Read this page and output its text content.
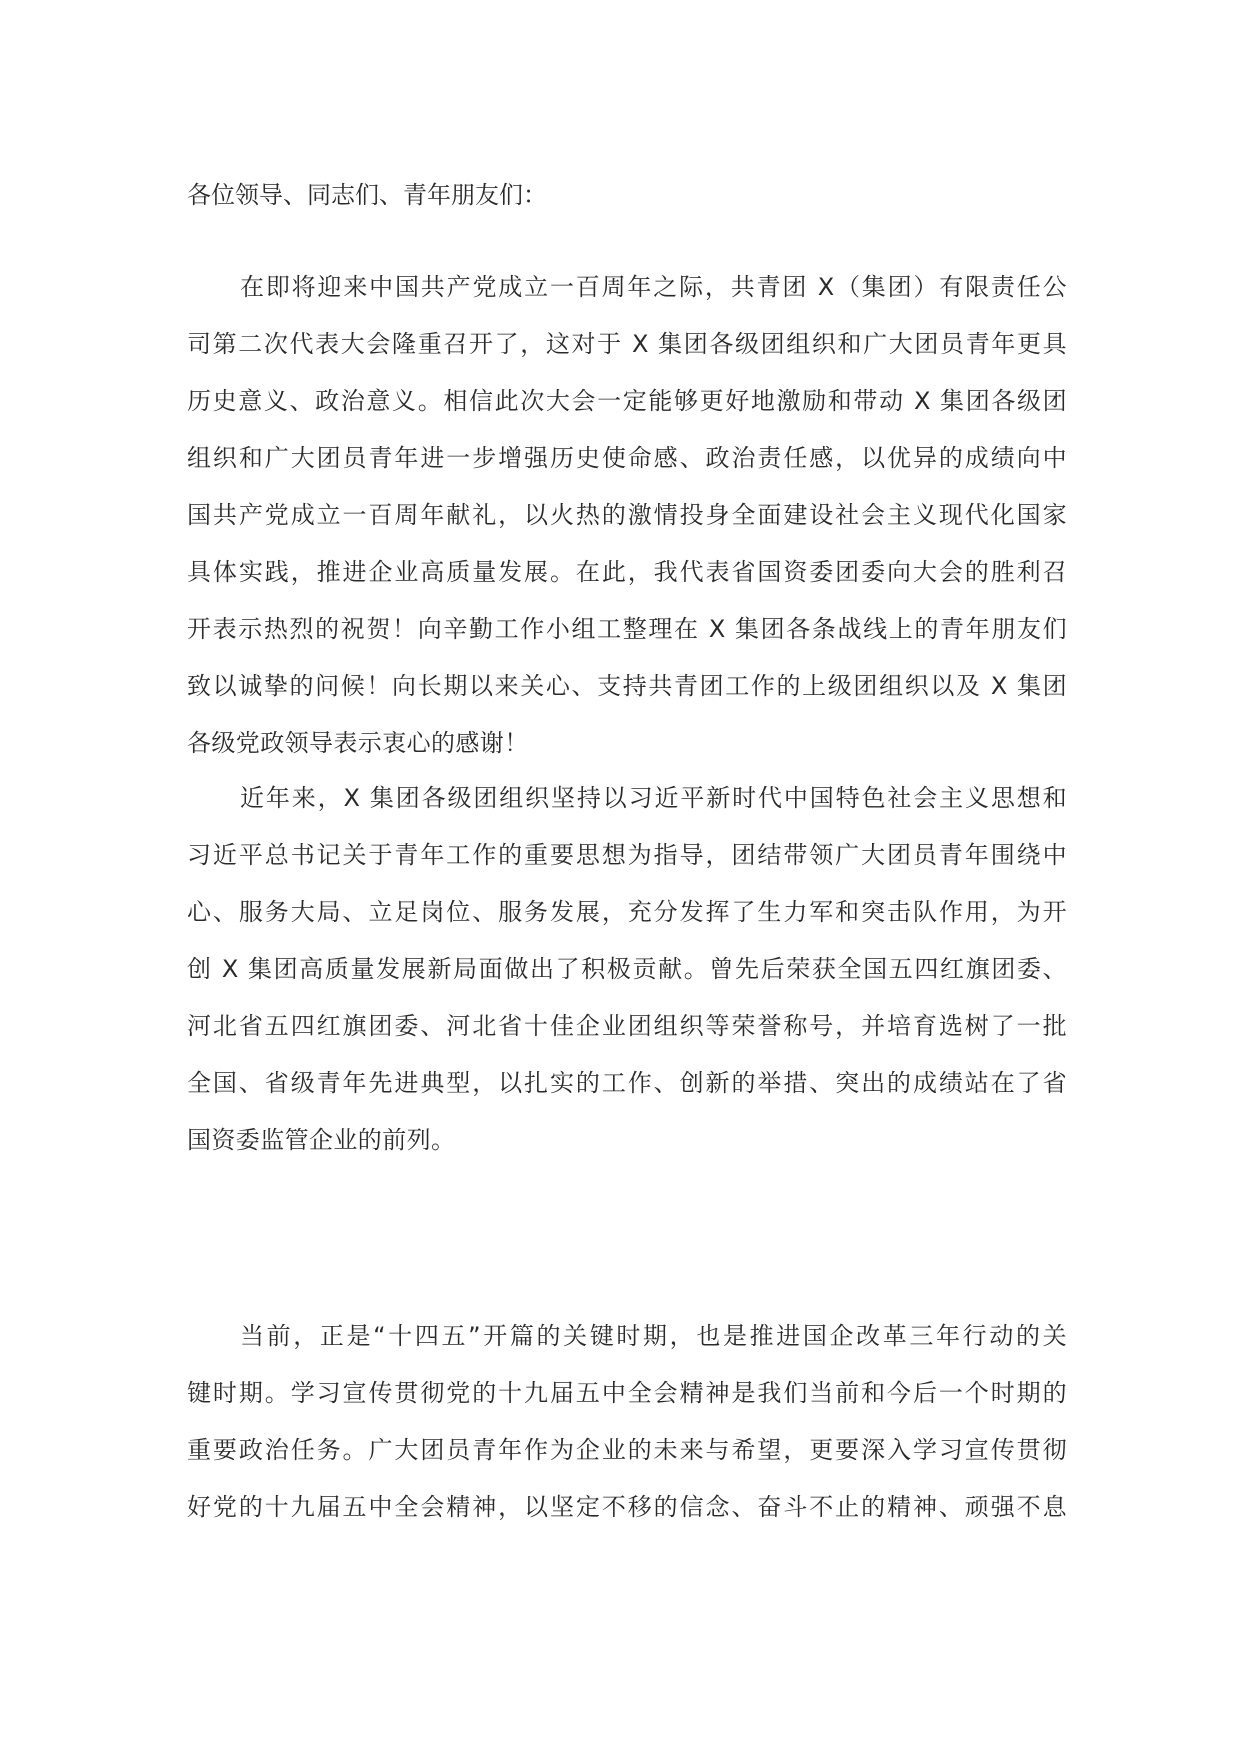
各位领导、同志们、青年朋友们：
在即将迎来中国共产党成立一百周年之际，共青团 X（集团）有限责任公
司第二次代表大会隆重召开了，这对于 X 集团各级团组织和广大团员青年更具
历史意义、政治意义。相信此次大会一定能够更好地激励和带动 X 集团各级团
组织和广大团员青年进一步增强历史使命感、政治责任感，以优异的成绩向中
国共产党成立一百周年献礼，以火热的激情投身全面建设社会主义现代化国家
具体实践，推进企业高质量发展。在此，我代表省国资委团委向大会的胜利召
开表示热烈的祝贺！向辛勤工作小组工整理在 X 集团各条战线上的青年朋友们
致以诚挚的问候！向长期以来关心、支持共青团工作的上级团组织以及 X 集团
各级党政领导表示衷心的感谢！
近年来，X 集团各级团组织坚持以习近平新时代中国特色社会主义思想和
习近平总书记关于青年工作的重要思想为指导，团结带领广大团员青年围绕中
心、服务大局、立足岗位、服务发展，充分发挥了生力军和突击队作用，为开
创 X 集团高质量发展新局面做出了积极贡献。曾先后荣获全国五四红旗团委、
河北省五四红旗团委、河北省十佳企业团组织等荣誉称号，并培育选树了一批
全国、省级青年先进典型，以扎实的工作、创新的举措、突出的成绩站在了省
国资委监管企业的前列。
当前，正是“十四五”开篇的关键时期，也是推进国企改革三年行动的关
键时期。学习宣传贯彻党的十九届五中全会精神是我们当前和今后一个时期的
重要政治任务。广大团员青年作为企业的未来与希望，更要深入学习宣传贯彻
好党的十九届五中全会精神，以坚定不移的信念、奋斗不止的精神、顽强不息
